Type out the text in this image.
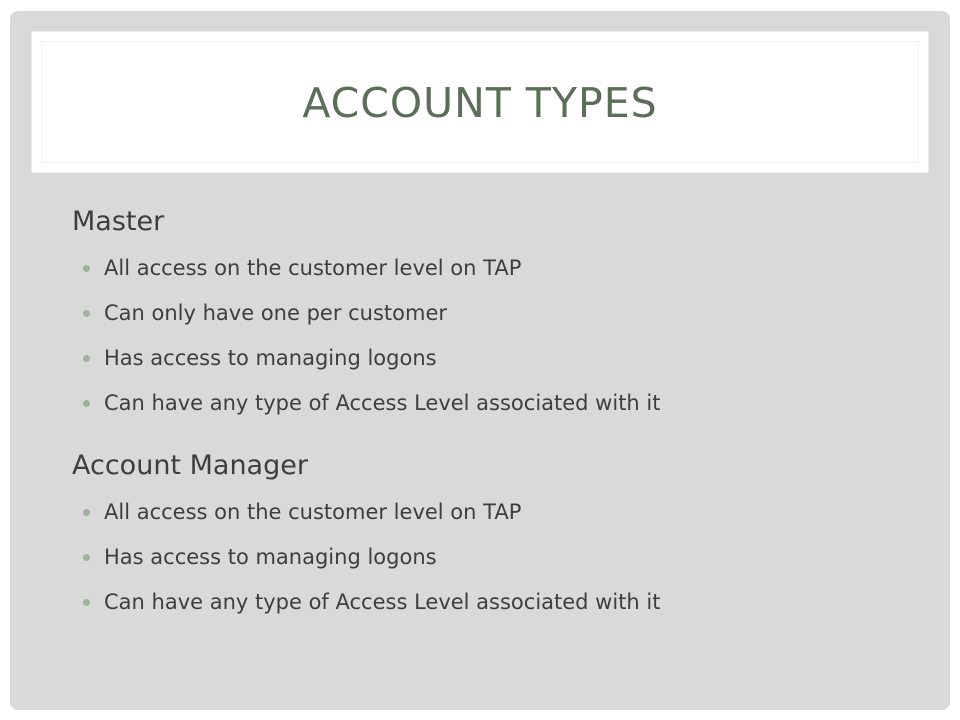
ACCOUNT TYPES
Master
All access on the customer level on TAP
Can only have one per customer
Has access to managing logons
Can have any type of Access Level associated with it
Account Manager
All access on the customer level on TAP
Has access to managing logons
Can have any type of Access Level associated with it
